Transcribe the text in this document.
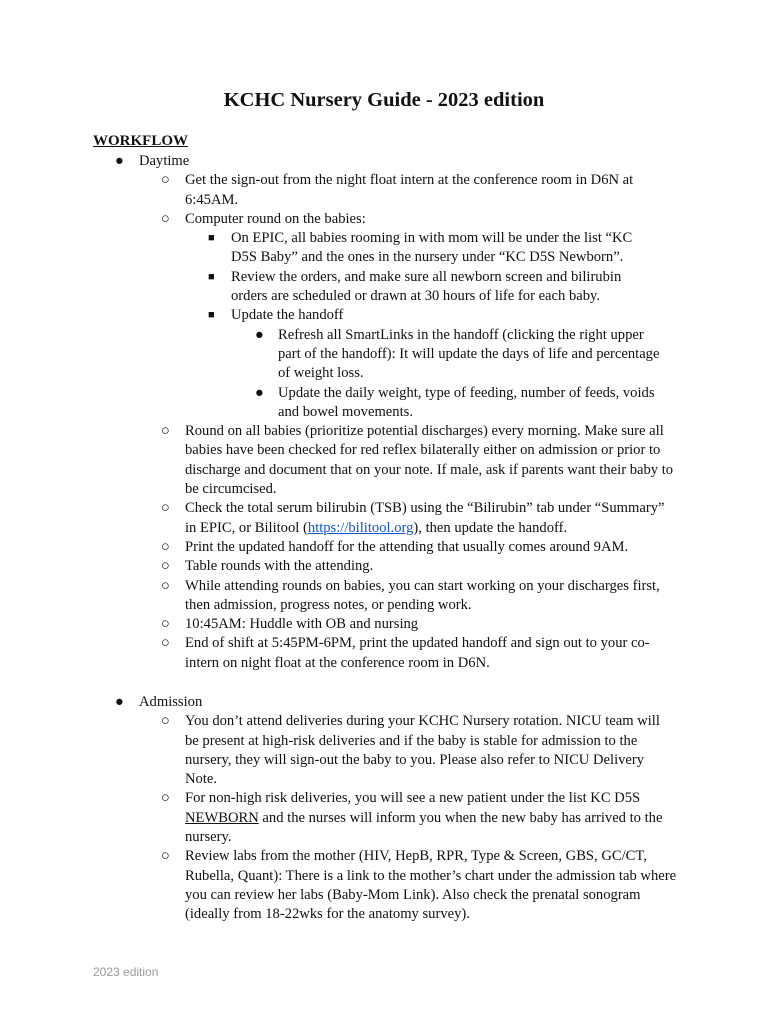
KCHC Nursery Guide - 2023 edition
WORKFLOW
● Daytime
○ Get the sign-out from the night float intern at the conference room in D6N at 6:45AM.
○ Computer round on the babies:
■ On EPIC, all babies rooming in with mom will be under the list “KC D5S Baby” and the ones in the nursery under “KC D5S Newborn”.
■ Review the orders, and make sure all newborn screen and bilirubin orders are scheduled or drawn at 30 hours of life for each baby.
■ Update the handoff
● Refresh all SmartLinks in the handoff (clicking the right upper part of the handoff): It will update the days of life and percentage of weight loss.
● Update the daily weight, type of feeding, number of feeds, voids and bowel movements.
○ Round on all babies (prioritize potential discharges) every morning. Make sure all babies have been checked for red reflex bilaterally either on admission or prior to discharge and document that on your note. If male, ask if parents want their baby to be circumcised.
○ Check the total serum bilirubin (TSB) using the “Bilirubin” tab under “Summary” in EPIC, or Bilitool (https://bilitool.org), then update the handoff.
○ Print the updated handoff for the attending that usually comes around 9AM.
○ Table rounds with the attending.
○ While attending rounds on babies, you can start working on your discharges first, then admission, progress notes, or pending work.
○ 10:45AM: Huddle with OB and nursing
○ End of shift at 5:45PM-6PM, print the updated handoff and sign out to your co-intern on night float at the conference room in D6N.
● Admission
○ You don’t attend deliveries during your KCHC Nursery rotation. NICU team will be present at high-risk deliveries and if the baby is stable for admission to the nursery, they will sign-out the baby to you. Please also refer to NICU Delivery Note.
○ For non-high risk deliveries, you will see a new patient under the list KC D5S NEWBORN and the nurses will inform you when the new baby has arrived to the nursery.
○ Review labs from the mother (HIV, HepB, RPR, Type & Screen, GBS, GC/CT, Rubella, Quant): There is a link to the mother’s chart under the admission tab where you can review her labs (Baby-Mom Link). Also check the prenatal sonogram (ideally from 18-22wks for the anatomy survey).
2023 edition
